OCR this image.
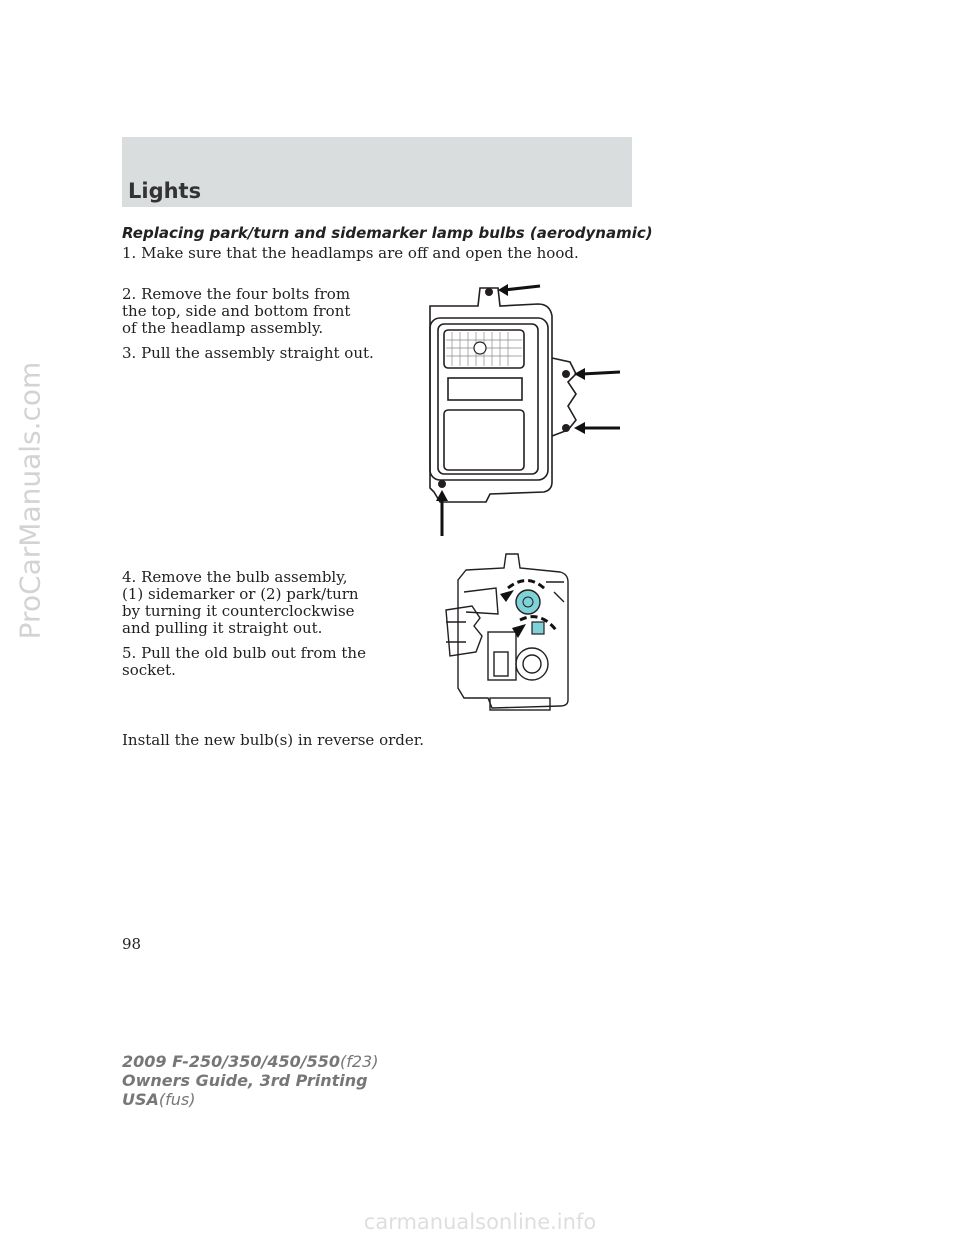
ProCarManuals.com
Lights
Replacing park/turn and sidemarker lamp bulbs (aerodynamic)

1. Make sure that the headlamps are off and open the hood.

2. Remove the four bolts from the top, side and bottom front of the headlamp assembly.

3. Pull the assembly straight out.

4. Remove the bulb assembly, (1) sidemarker or (2) park/turn by turning it counterclockwise and pulling it straight out.

5. Pull the old bulb out from the socket.

Install the new bulb(s) in reverse order.

98
2009 F-250/350/450/550(f23)
Owners Guide, 3rd Printing
USA(fus)
carmanualsonline.info
